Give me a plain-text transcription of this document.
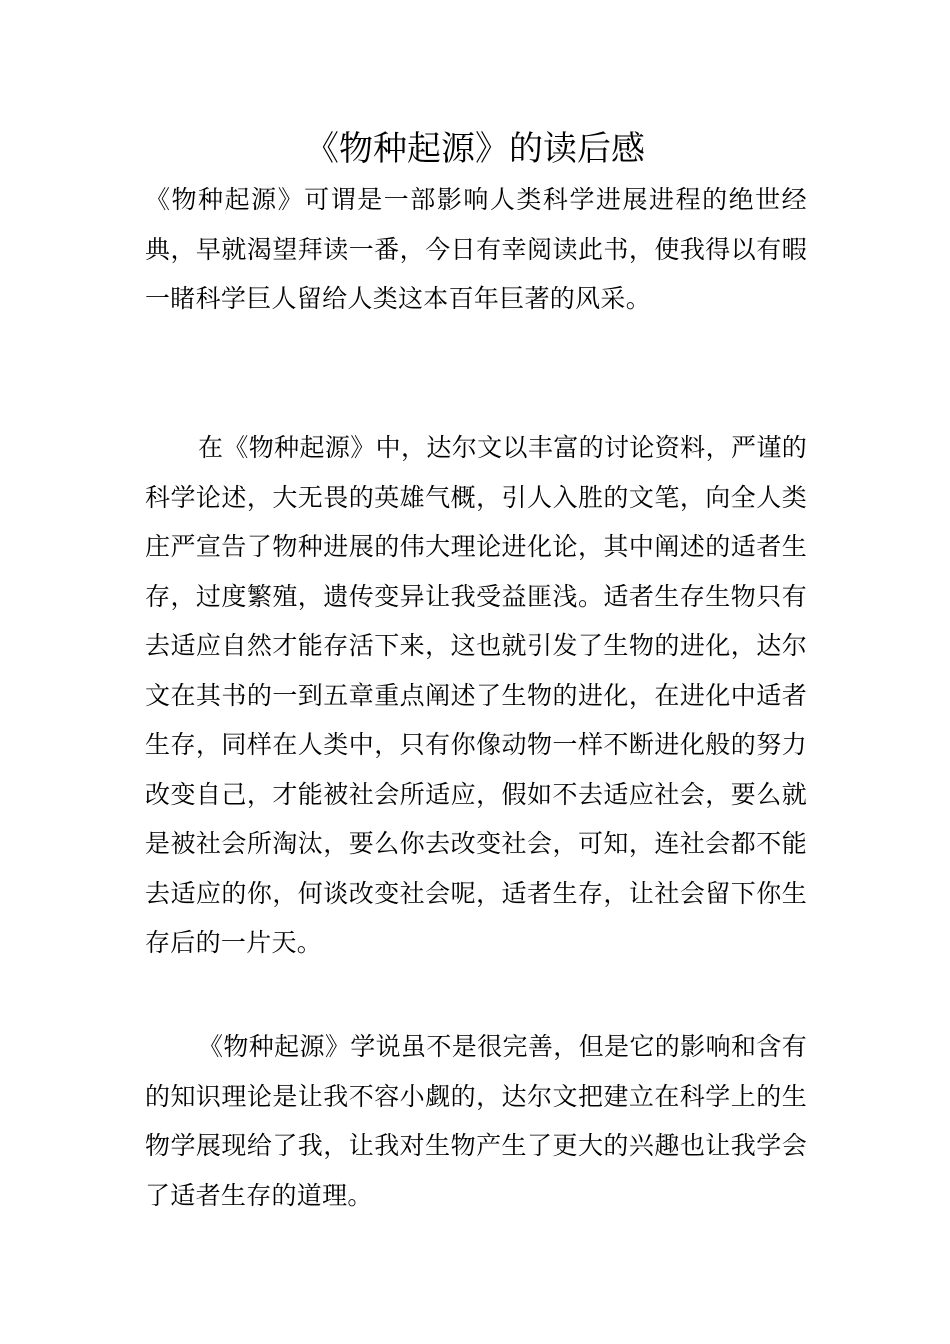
《物种起源》的读后感

《物种起源》可谓是一部影响人类科学进展进程的绝世经典，早就渴望拜读一番，今日有幸阅读此书，使我得以有暇一睹科学巨人留给人类这本百年巨著的风采。

在《物种起源》中，达尔文以丰富的讨论资料，严谨的科学论述，大无畏的英雄气概，引人入胜的文笔，向全人类庄严宣告了物种进展的伟大理论进化论，其中阐述的适者生存，过度繁殖，遗传变异让我受益匪浅。适者生存生物只有去适应自然才能存活下来，这也就引发了生物的进化，达尔文在其书的一到五章重点阐述了生物的进化，在进化中适者生存，同样在人类中，只有你像动物一样不断进化般的努力改变自己，才能被社会所适应，假如不去适应社会，要么就是被社会所淘汰，要么你去改变社会，可知，连社会都不能去适应的你，何谈改变社会呢，适者生存，让社会留下你生存后的一片天。

《物种起源》学说虽不是很完善，但是它的影响和含有的知识理论是让我不容小觑的，达尔文把建立在科学上的生物学展现给了我，让我对生物产生了更大的兴趣也让我学会了适者生存的道理。
